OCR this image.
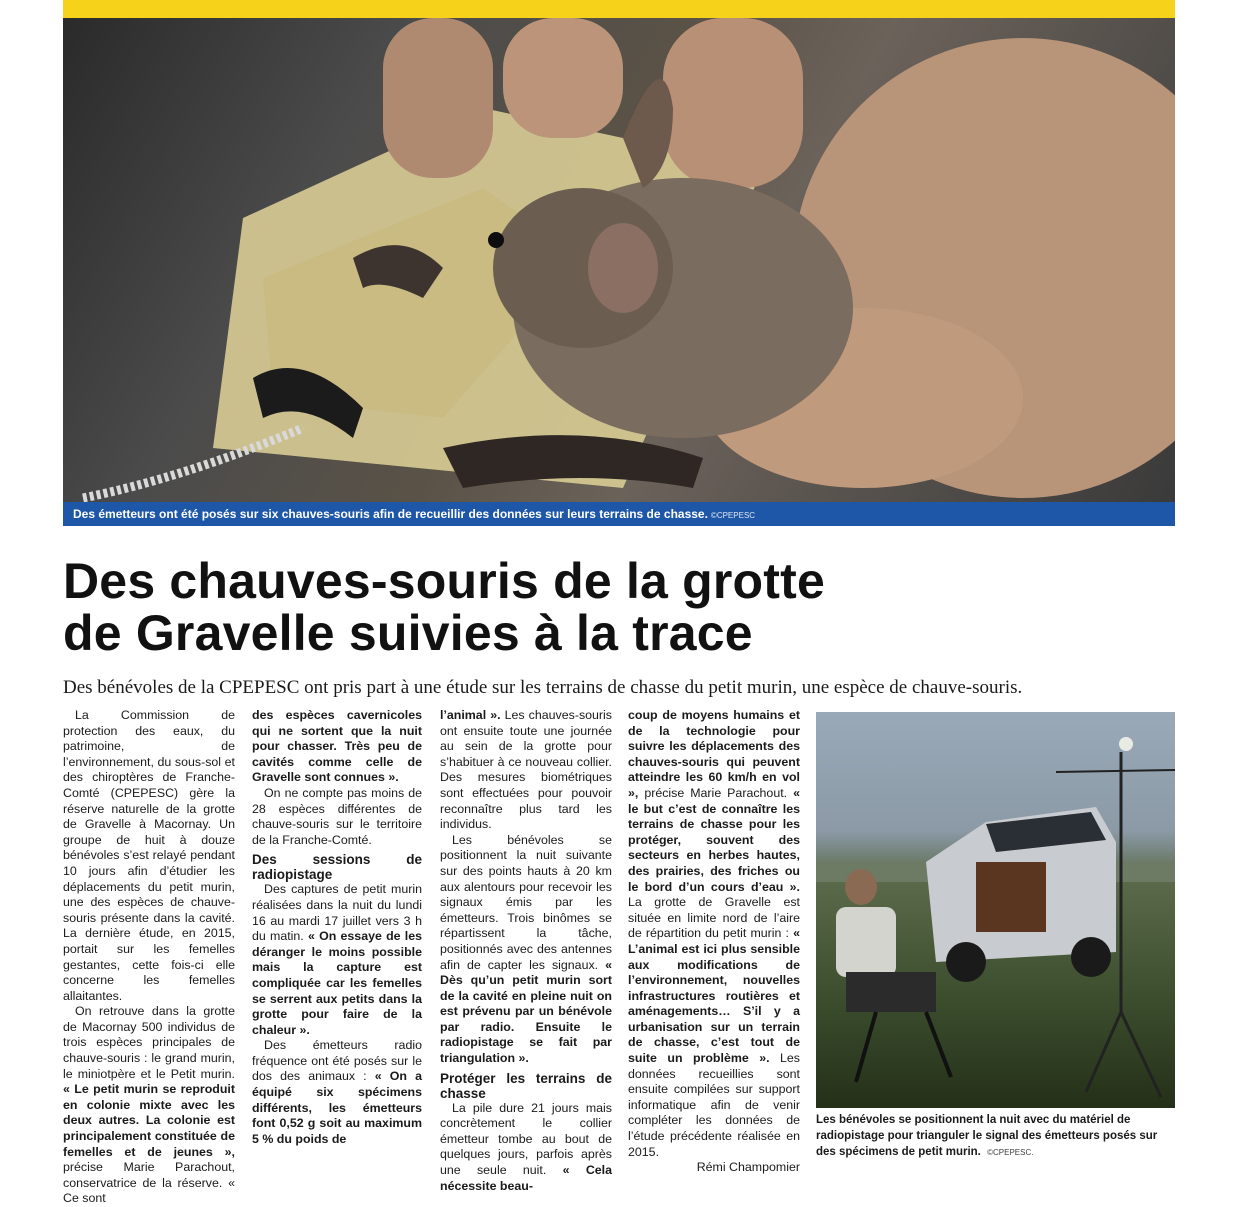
Des émetteurs ont été posés sur six chauves-souris afin de recueillir des données sur leurs terrains de chasse. ©CPEPESC
Des chauves-souris de la grotte
de Gravelle suivies à la trace
Des bénévoles de la CPEPESC ont pris part à une étude sur les terrains de chasse du petit murin, une espèce de chauve-souris.

La Commission de protection des eaux, du patrimoine, de l’environnement, du sous-sol et des chiroptères de Franche-Comté (CPEPESC) gère la réserve naturelle de la grotte de Gravelle à Macornay. Un groupe de huit à douze bénévoles s’est relayé pendant 10 jours afin d’étudier les déplacements du petit murin, une des espèces de chauve-souris présente dans la cavité. La dernière étude, en 2015, portait sur les femelles gestantes, cette fois-ci elle concerne les femelles allaitantes.

On retrouve dans la grotte de Macornay 500 individus de trois espèces principales de chauve-souris : le grand murin, le miniotpère et le Petit murin. « Le petit murin se reproduit en colonie mixte avec les deux autres. La colonie est principalement constituée de femelles et de jeunes », précise Marie Parachout, conservatrice de la réserve. « Ce sont

des espèces cavernicoles qui ne sortent que la nuit pour chasser. Très peu de cavités comme celle de Gravelle sont connues ».

On ne compte pas moins de 28 espèces différentes de chauve-souris sur le territoire de la Franche-Comté.

Des sessions de radiopistage

Des captures de petit murin réalisées dans la nuit du lundi 16 au mardi 17 juillet vers 3 h du matin. « On essaye de les déranger le moins possible mais la capture est compliquée car les femelles se serrent aux petits dans la grotte pour faire de la chaleur ».

Des émetteurs radio fréquence ont été posés sur le dos des animaux : « On a équipé six spécimens différents, les émetteurs font 0,52 g soit au maximum 5 % du poids de

l’animal ». Les chauves-souris ont ensuite toute une journée au sein de la grotte pour s’habituer à ce nouveau collier. Des mesures biométriques sont effectuées pour pouvoir reconnaître plus tard les individus.

Les bénévoles se positionnent la nuit suivante sur des points hauts à 20 km aux alentours pour recevoir les signaux émis par les émetteurs. Trois binômes se répartissent la tâche, positionnés avec des antennes afin de capter les signaux. « Dès qu’un petit murin sort de la cavité en pleine nuit on est prévenu par un bénévole par radio. Ensuite le radiopistage se fait par triangulation ».

Protéger les terrains de chasse

La pile dure 21 jours mais concrètement le collier émetteur tombe au bout de quelques jours, parfois après une seule nuit. « Cela nécessite beau-

coup de moyens humains et de la technologie pour suivre les déplacements des chauves-souris qui peuvent atteindre les 60 km/h en vol », précise Marie Parachout. « le but c’est de connaître les terrains de chasse pour les protéger, souvent des secteurs en herbes hautes, des prairies, des friches ou le bord d’un cours d’eau ». La grotte de Gravelle est située en limite nord de l’aire de répartition du petit murin : « L’animal est ici plus sensible aux modifications de l’environnement, nouvelles infrastructures routières et aménagements… S’il y a urbanisation sur un terrain de chasse, c’est tout de suite un problème ». Les données recueillies sont ensuite compilées sur support informatique afin de venir compléter les données de l’étude précédente réalisée en 2015.

Rémi Champomier

Les bénévoles se positionnent la nuit avec du matériel de radiopistage pour trianguler le signal des émetteurs posés sur des spécimens de petit murin. ©CPEPESC.
